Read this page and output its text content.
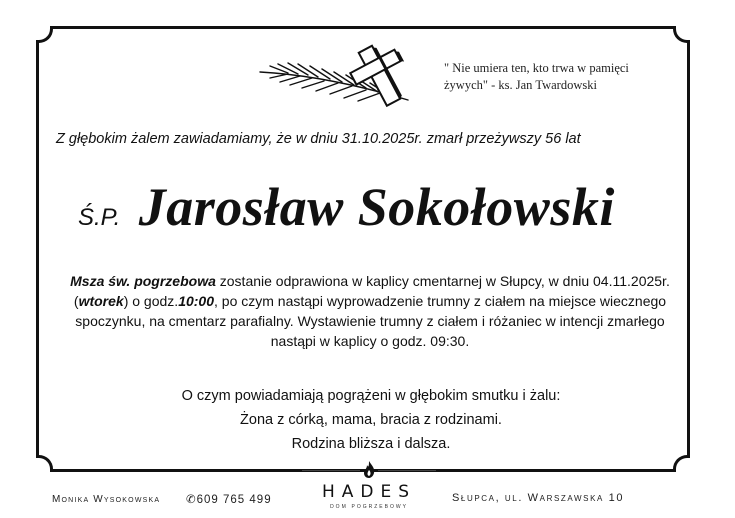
" Nie umiera ten, kto trwa w pamięci
żywych" - ks. Jan Twardowski
Z głębokim żalem zawiadamiamy, że w dniu 31.10.2025r. zmarł przeżywszy 56 lat
Ś.P. Jarosław Sokołowski
Msza św. pogrzebowa zostanie odprawiona w kaplicy cmentarnej w Słupcy, w dniu 04.11.2025r. (wtorek) o godz.10:00, po czym nastąpi wyprowadzenie trumny z ciałem na miejsce wiecznego spoczynku, na cmentarz parafialny. Wystawienie trumny z ciałem i różaniec w intencji zmarłego nastąpi w kaplicy o godz. 09:30.
O czym powiadamiają pogrążeni w głębokim smutku i żalu:
Żona z córką, mama, bracia z rodzinami.
Rodzina bliższa i dalsza.
Monika Wysokowska ✆609 765 499	HADES
dom pogrzebowy
Słupca, ul. Warszawska 10
